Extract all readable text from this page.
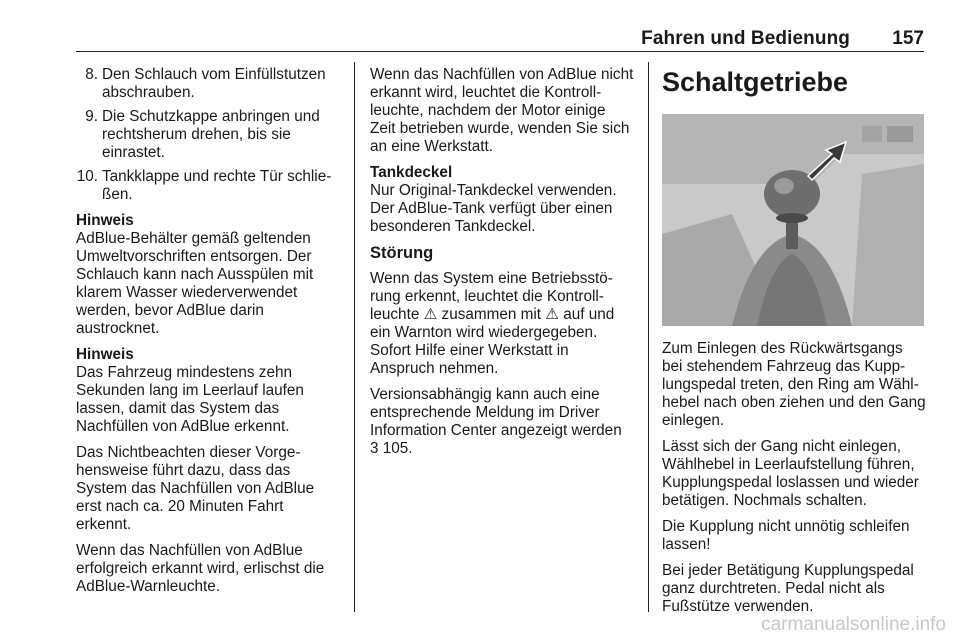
Fahren und Bedienung 157
8. Den Schlauch vom Einfüllstutzen abschrauben.
9. Die Schutzkappe anbringen und rechtsherum drehen, bis sie einrastet.
10. Tankklappe und rechte Tür schlie- ßen.
Hinweis

AdBlue-Behälter gemäß geltenden Umweltvorschriften entsorgen. Der Schlauch kann nach Ausspülen mit klarem Wasser wiederverwendet werden, bevor AdBlue darin austrocknet.

Hinweis

Das Fahrzeug mindestens zehn Sekunden lang im Leerlauf laufen lassen, damit das System das Nachfüllen von AdBlue erkennt.

Das Nichtbeachten dieser Vorge- hensweise führt dazu, dass das System das Nachfüllen von AdBlue erst nach ca. 20 Minuten Fahrt erkennt.

Wenn das Nachfüllen von AdBlue erfolgreich erkannt wird, erlischst die AdBlue-Warnleuchte.

Wenn das Nachfüllen von AdBlue nicht erkannt wird, leuchtet die Kontroll- leuchte, nachdem der Motor einige Zeit betrieben wurde, wenden Sie sich an eine Werkstatt.

Tankdeckel

Nur Original-Tankdeckel verwenden. Der AdBlue-Tank verfügt über einen besonderen Tankdeckel.

Störung

Wenn das System eine Betriebsstö- rung erkennt, leuchtet die Kontroll- leuchte ⚠︎ zusammen mit ⚠︎ auf und ein Warnton wird wiedergegeben. Sofort Hilfe einer Werkstatt in Anspruch nehmen.

Versionsabhängig kann auch eine entsprechende Meldung im Driver Information Center angezeigt werden
3 105.

Schaltgetriebe

Zum Einlegen des Rückwärtsgangs bei stehendem Fahrzeug das Kupp- lungspedal treten, den Ring am Wähl- hebel nach oben ziehen und den Gang einlegen.

Lässt sich der Gang nicht einlegen, Wählhebel in Leerlaufstellung führen, Kupplungspedal loslassen und wieder betätigen. Nochmals schalten.

Die Kupplung nicht unnötig schleifen lassen!

Bei jeder Betätigung Kupplungspedal ganz durchtreten. Pedal nicht als Fußstütze verwenden.

carmanualsonline.info
